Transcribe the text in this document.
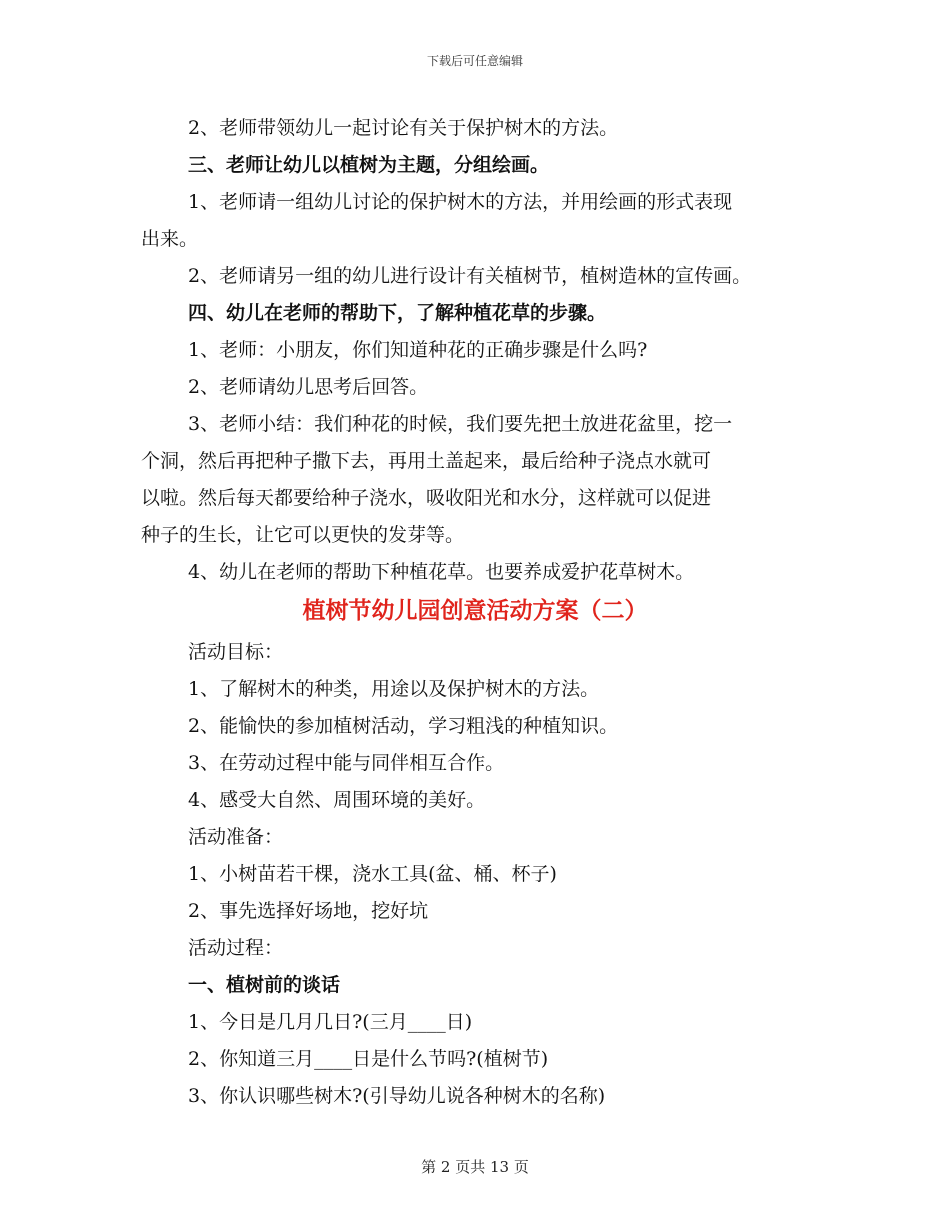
下载后可任意编辑
2、老师带领幼儿一起讨论有关于保护树木的方法。
三、老师让幼儿以植树为主题，分组绘画。
1、老师请一组幼儿讨论的保护树木的方法，并用绘画的形式表现
出来。
2、老师请另一组的幼儿进行设计有关植树节，植树造林的宣传画。
四、幼儿在老师的帮助下，了解种植花草的步骤。
1、老师：小朋友，你们知道种花的正确步骤是什么吗?
2、老师请幼儿思考后回答。
3、老师小结：我们种花的时候，我们要先把土放进花盆里，挖一
个洞，然后再把种子撒下去，再用土盖起来，最后给种子浇点水就可
以啦。然后每天都要给种子浇水，吸收阳光和水分，这样就可以促进
种子的生长，让它可以更快的发芽等。
4、幼儿在老师的帮助下种植花草。也要养成爱护花草树木。
植树节幼儿园创意活动方案（二）
活动目标：
1、了解树木的种类，用途以及保护树木的方法。
2、能愉快的参加植树活动，学习粗浅的种植知识。
3、在劳动过程中能与同伴相互合作。
4、感受大自然、周围环境的美好。
活动准备：
1、小树苗若干棵，浇水工具(盆、桶、杯子)
2、事先选择好场地，挖好坑
活动过程：
一、植树前的谈话
1、今日是几月几日?(三月____日)
2、你知道三月____日是什么节吗?(植树节)
3、你认识哪些树木?(引导幼儿说各种树木的名称)
第 2 页共 13 页
